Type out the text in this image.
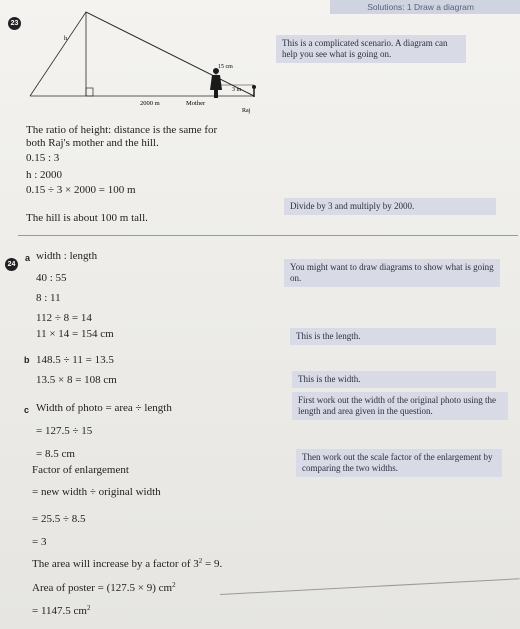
Solutions: 1 Draw a diagram
23
h
15 cm
3 m
2000 m	Mother
Raj
This is a complicated scenario. A diagram can help you see what is going on.
The ratio of height: distance is the same for
both Raj's mother and the hill.
0.15 : 3
h : 2000
0.15 ÷ 3 × 2000 = 100 m
Divide by 3 and multiply by 2000.
The hill is about 100 m tall.
24
a width : length
40 : 55
8 : 11
112 ÷ 8 = 14
11 × 14 = 154 cm
You might want to draw diagrams to show what is going on.
This is the length.
b 148.5 ÷ 11 = 13.5
13.5 × 8 = 108 cm	This is the width.
c Width of photo = area ÷ length
= 127.5 ÷ 15
= 8.5 cm
Factor of enlargement
= new width ÷ original width
= 25.5 ÷ 8.5
= 3
The area will increase by a factor of $3^2 = 9$.
Area of poster = (127.5 × 9) $cm^2$
= 1147.5 $cm^2$
First work out the width of the original photo using the length and area given in the question.
Then work out the scale factor of the enlargement by comparing the two widths.
